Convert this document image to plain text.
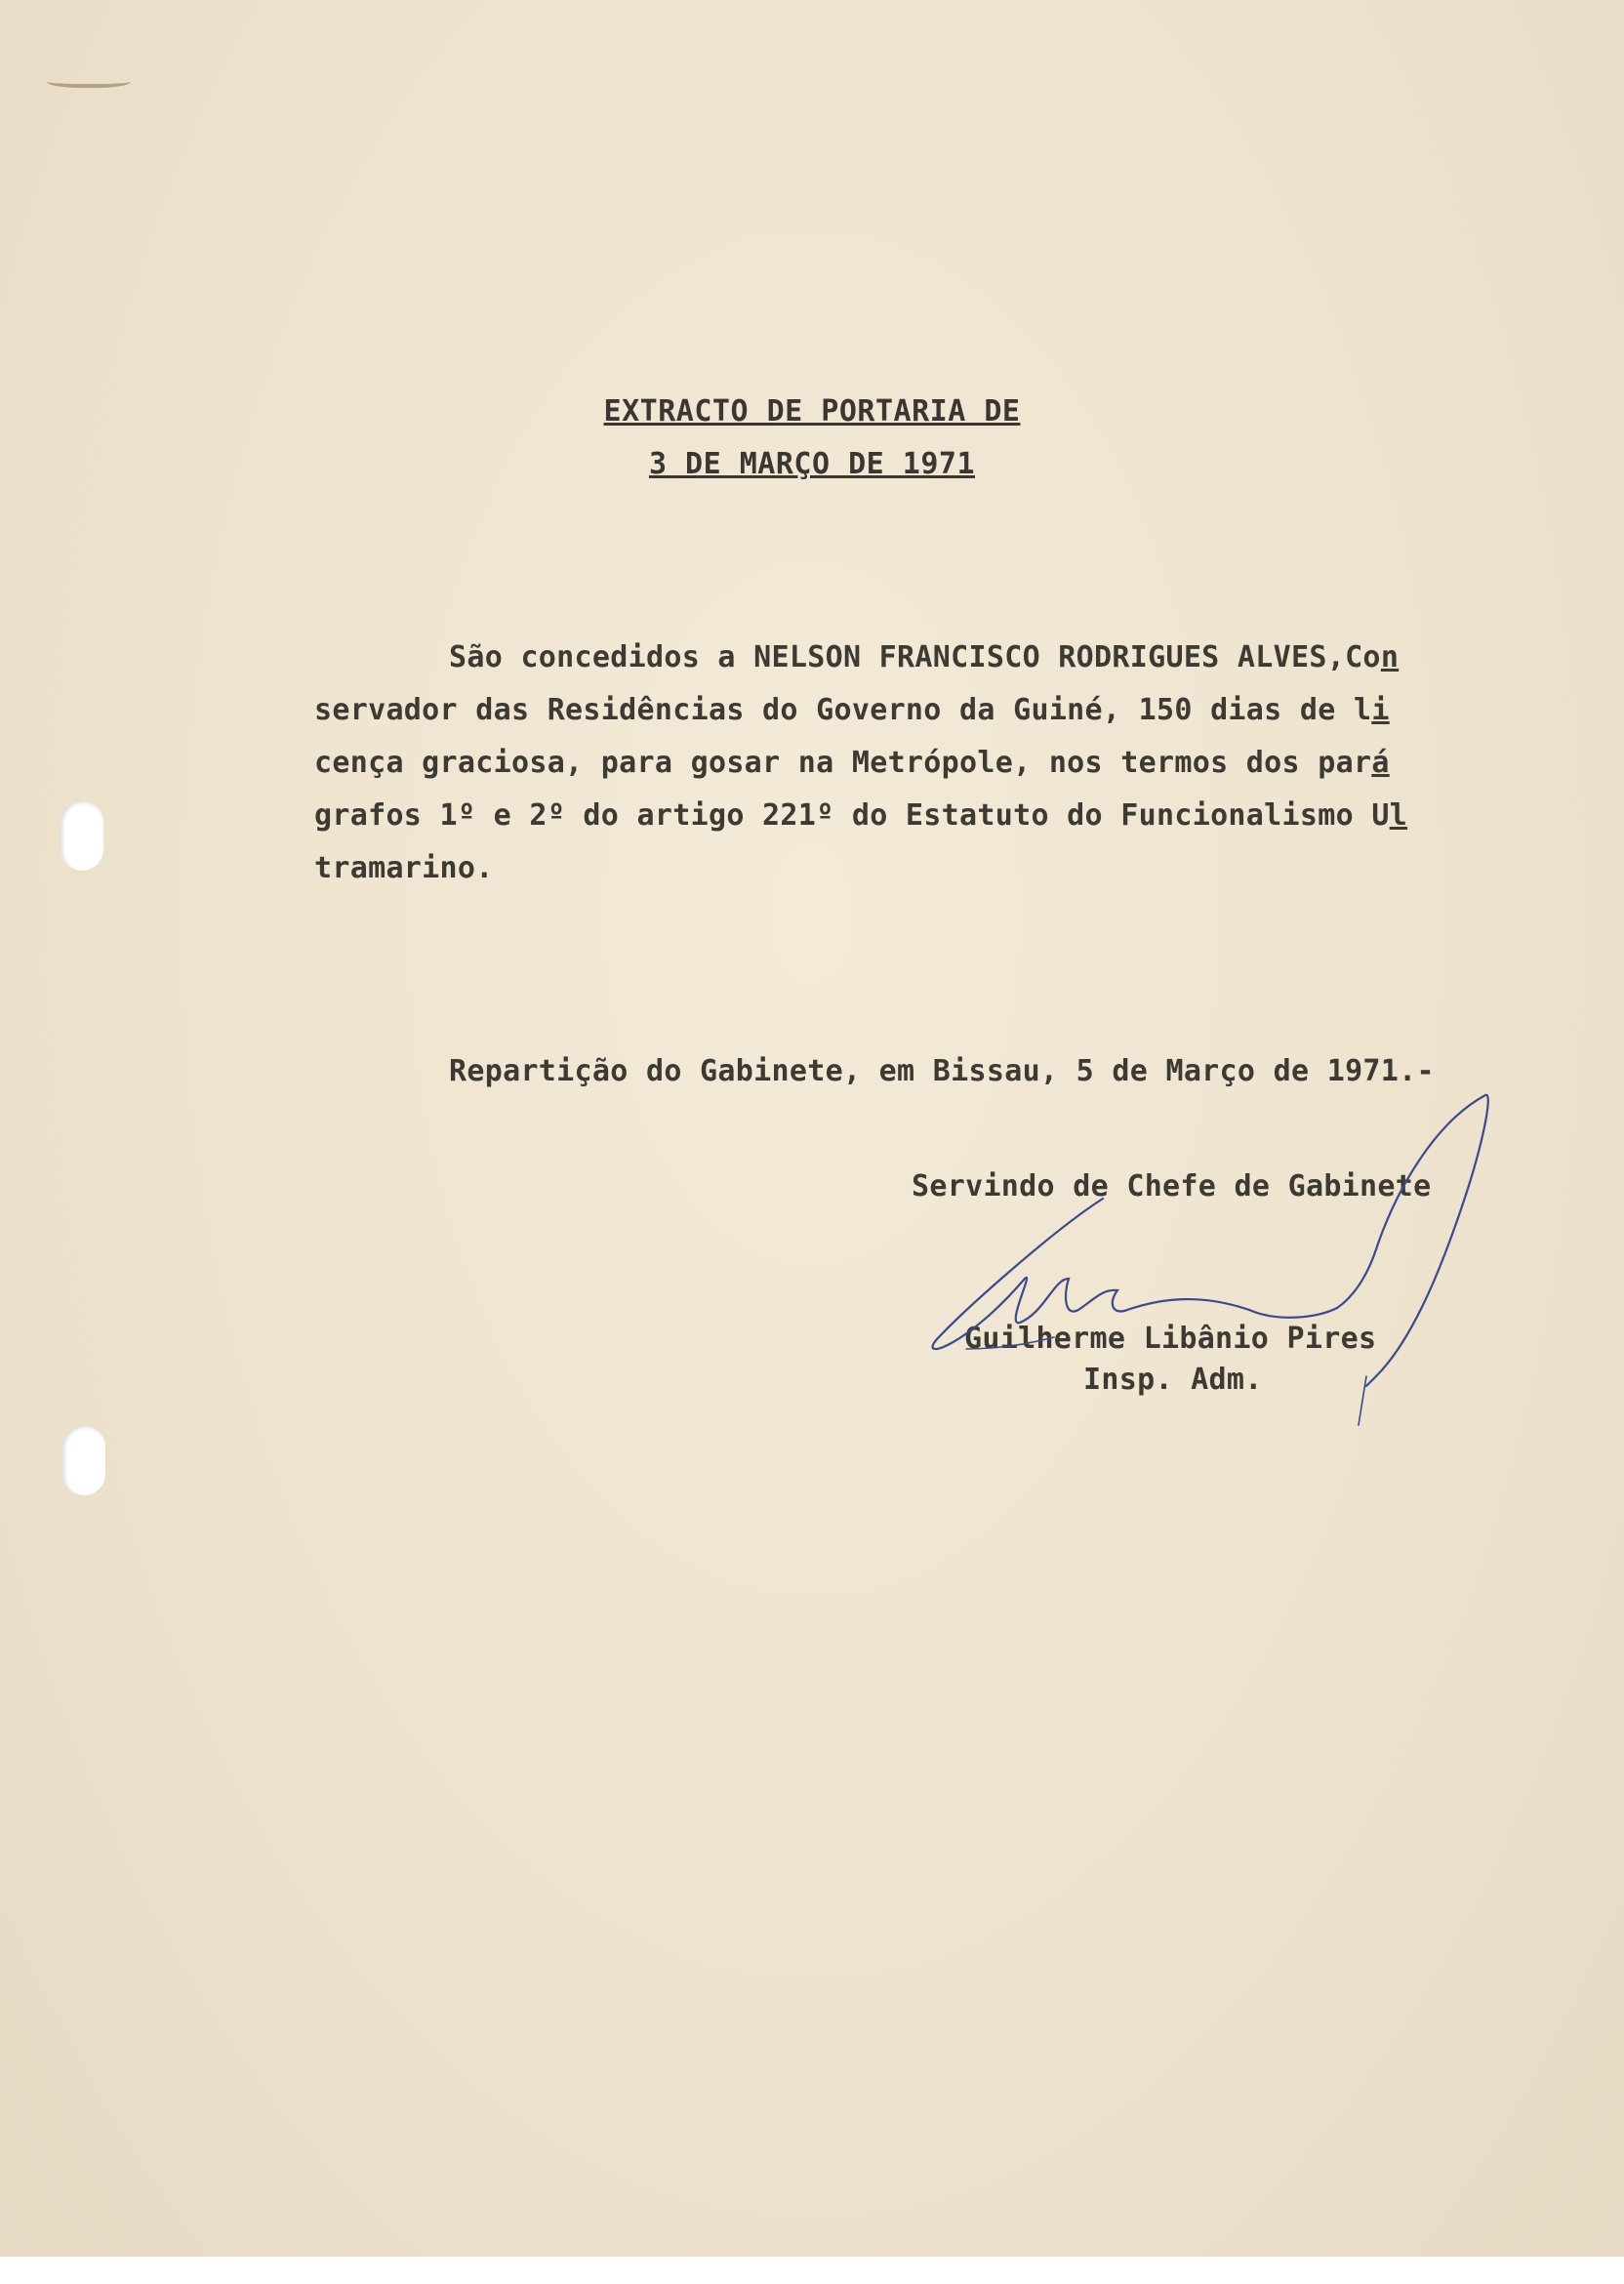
EXTRACTO DE PORTARIA DE
3 DE MARÇO DE 1971
São concedidos a NELSON FRANCISCO RODRIGUES ALVES,Con
servador das Residências do Governo da Guiné, 150 dias de li
cença graciosa, para gosar na Metrópole, nos termos dos pará
grafos 1º e 2º do artigo 221º do Estatuto do Funcionalismo Ul
tramarino.
Repartição do Gabinete, em Bissau, 5 de Março de 1971.-
Servindo de Chefe de Gabinete
Guilherme Libânio Pires
Insp. Adm.
